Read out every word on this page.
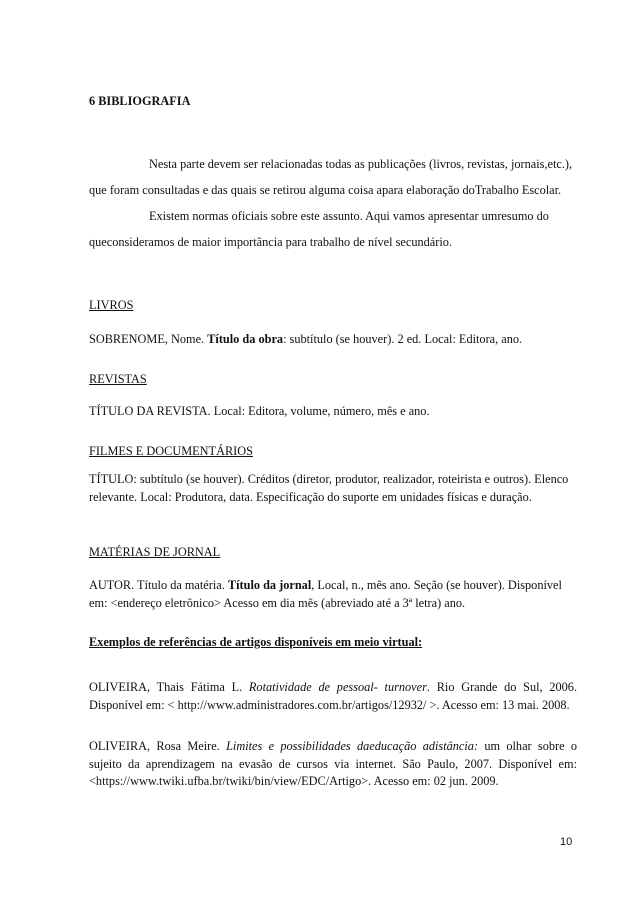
6 BIBLIOGRAFIA

Nesta parte devem ser relacionadas todas as publicações (livros, revistas, jornais,etc.), que foram consultadas e das quais se retirou alguma coisa apara elaboração doTrabalho Escolar.

Existem normas oficiais sobre este assunto. Aqui vamos apresentar umresumo do queconsideramos de maior importância para trabalho de nível secundário.

LIVROS

SOBRENOME, Nome. Título da obra: subtítulo (se houver). 2 ed. Local: Editora, ano.

REVISTAS

TÍTULO DA REVISTA. Local: Editora, volume, número, mês e ano.

FILMES E DOCUMENTÁRIOS

TÍTULO: subtítulo (se houver). Créditos (diretor, produtor, realizador, roteirista e outros). Elenco relevante. Local: Produtora, data. Especificação do suporte em unidades físicas e duração.

MATÉRIAS DE JORNAL

AUTOR. Título da matéria. Título da jornal, Local, n., mês ano. Seção (se houver). Disponível em: <endereço eletrônico> Acesso em dia mês (abreviado até a 3ª letra) ano.

Exemplos de referências de artigos disponíveis em meio virtual:

OLIVEIRA, Thais Fátima L. Rotatividade de pessoal- turnover. Rio Grande do Sul, 2006. Disponível em: < http://www.administradores.com.br/artigos/12932/ >. Acesso em: 13 mai. 2008.

OLIVEIRA, Rosa Meire. Limites e possibilidades daeducação adistância: um olhar sobre o sujeito da aprendizagem na evasão de cursos via internet. São Paulo, 2007. Disponível em: <https://www.twiki.ufba.br/twiki/bin/view/EDC/Artigo>. Acesso em: 02 jun. 2009.

10
